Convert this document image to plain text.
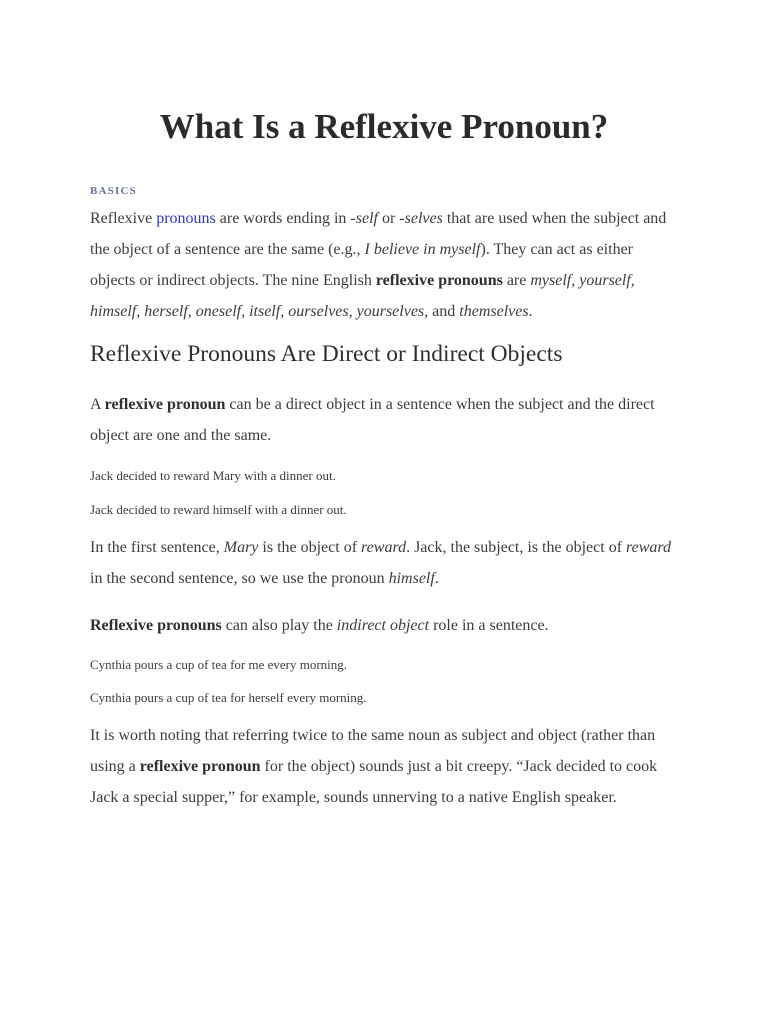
What Is a Reflexive Pronoun?
BASICS

Reflexive pronouns are words ending in -self or -selves that are used when the subject and the object of a sentence are the same (e.g., I believe in myself). They can act as either objects or indirect objects. The nine English reflexive pronouns are myself, yourself, himself, herself, oneself, itself, ourselves, yourselves, and themselves.

Reflexive Pronouns Are Direct or Indirect Objects

A reflexive pronoun can be a direct object in a sentence when the subject and the direct object are one and the same.

Jack decided to reward Mary with a dinner out.

Jack decided to reward himself with a dinner out.

In the first sentence, Mary is the object of reward. Jack, the subject, is the object of reward in the second sentence, so we use the pronoun himself.

Reflexive pronouns can also play the indirect object role in a sentence.

Cynthia pours a cup of tea for me every morning.

Cynthia pours a cup of tea for herself every morning.

It is worth noting that referring twice to the same noun as subject and object (rather than using a reflexive pronoun for the object) sounds just a bit creepy. “Jack decided to cook Jack a special supper,” for example, sounds unnerving to a native English speaker.
